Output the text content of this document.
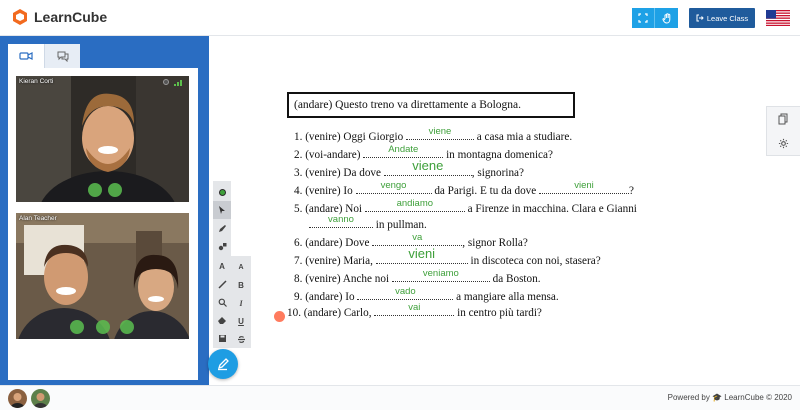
LearnCube	Leave Class
Kieran Corti
Alan Teacher
(andare) Questo treno va direttamente a Bologna.
1. (venire) Oggi Giorgio	viene	a casa mia a studiare.
2. (voi-andare)	Andate	in montagna domenica?
3. (venire) Da dove	viene	, signorina?
4. (venire) Io	vengo	da Parigi. E tu da dove	vieni	?
5. (andare) Noi	andiamo	a Firenze in macchina. Clara e Gianni
vanno	in pullman.
6. (andare) Dove	va	, signor Rolla?
7. (venire) Maria,	vieni	in discoteca con noi, stasera?
8. (venire) Anche noi	veniamo	da Boston.
9. (andare) Io	vado	a mangiare alla mensa.
10. (andare) Carlo,	vai	in centro più tardi?
A A
B
I
U
Powered by 🎓 LearnCube © 2020
